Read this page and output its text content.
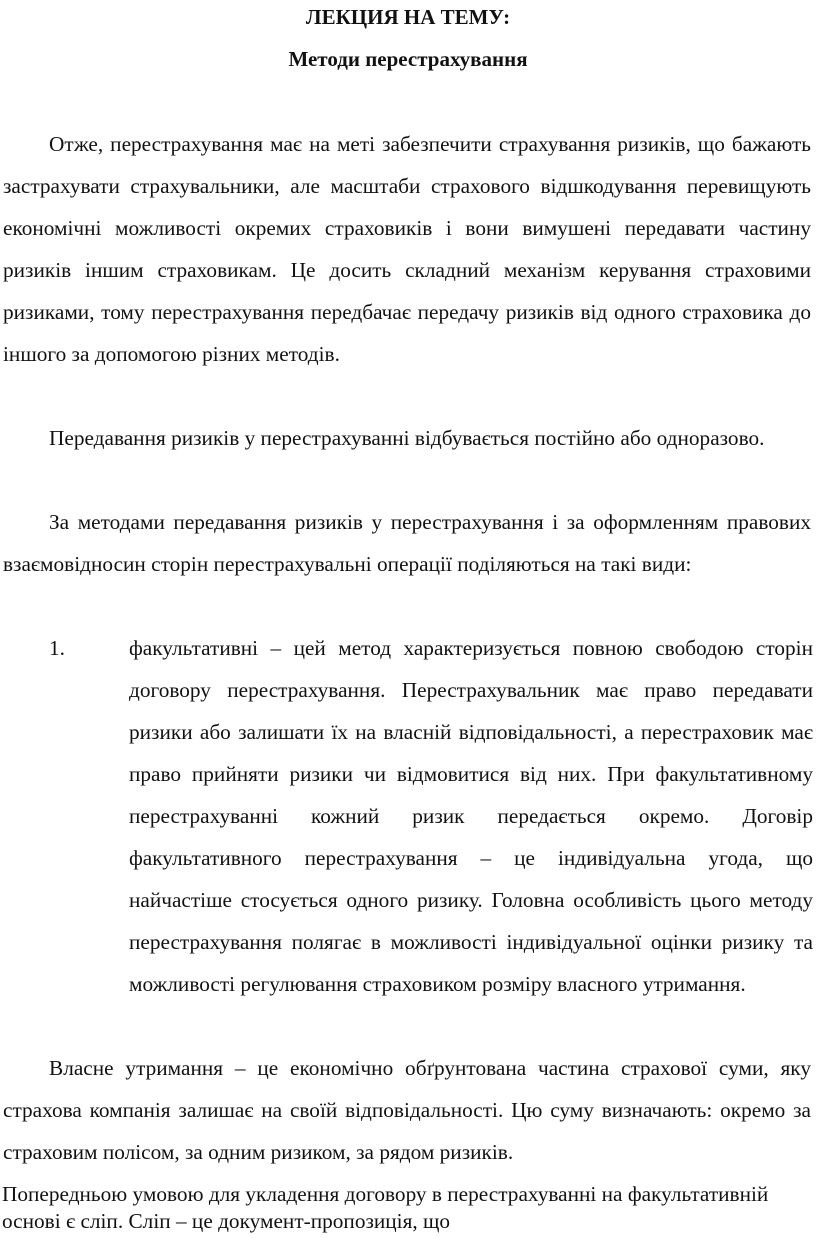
ЛЕКЦИЯ НА ТЕМУ:
Методи перестрахування

Отже, перестрахування має на меті забезпечити страхування ризиків, що бажають застрахувати страхувальники, але масштаби страхового відшкодування перевищують економічні можливості окремих страховиків і вони вимушені передавати частину ризиків іншим страховикам. Це досить складний механізм керування страховими ризиками, тому перестрахування передбачає передачу ризиків від одного страховика до іншого за допомогою різних методів.

Передавання ризиків у перестрахуванні відбувається постійно або одноразово.

За методами передавання ризиків у перестрахування і за оформленням правових взаємовідносин сторін перестрахувальні операції поділяються на такі види:

1.	факультативні – цей метод характеризується повною свободою сторін договору перестрахування. Перестрахувальник має право передавати ризики або залишати їх на власній відповідальності, а перестраховик має право прийняти ризики чи відмовитися від них. При факультативному перестрахуванні кожний ризик передається окремо. Договір факультативного перестрахування – це індивідуальна угода, що найчастіше стосується одного ризику. Головна особливість цього методу перестрахування полягає в можливості індивідуальної оцінки ризику та можливості регулювання страховиком розміру власного утримання.

Власне утримання – це економічно обґрунтована частина страхової суми, яку страхова компанія залишає на своїй відповідальності. Цю суму визначають: окремо за страховим полісом, за одним ризиком, за рядом ризиків.

Попередньою умовою для укладення договору в перестрахуванні на факультативній основі є сліп. Слiп – це документ-пропозиція, що
